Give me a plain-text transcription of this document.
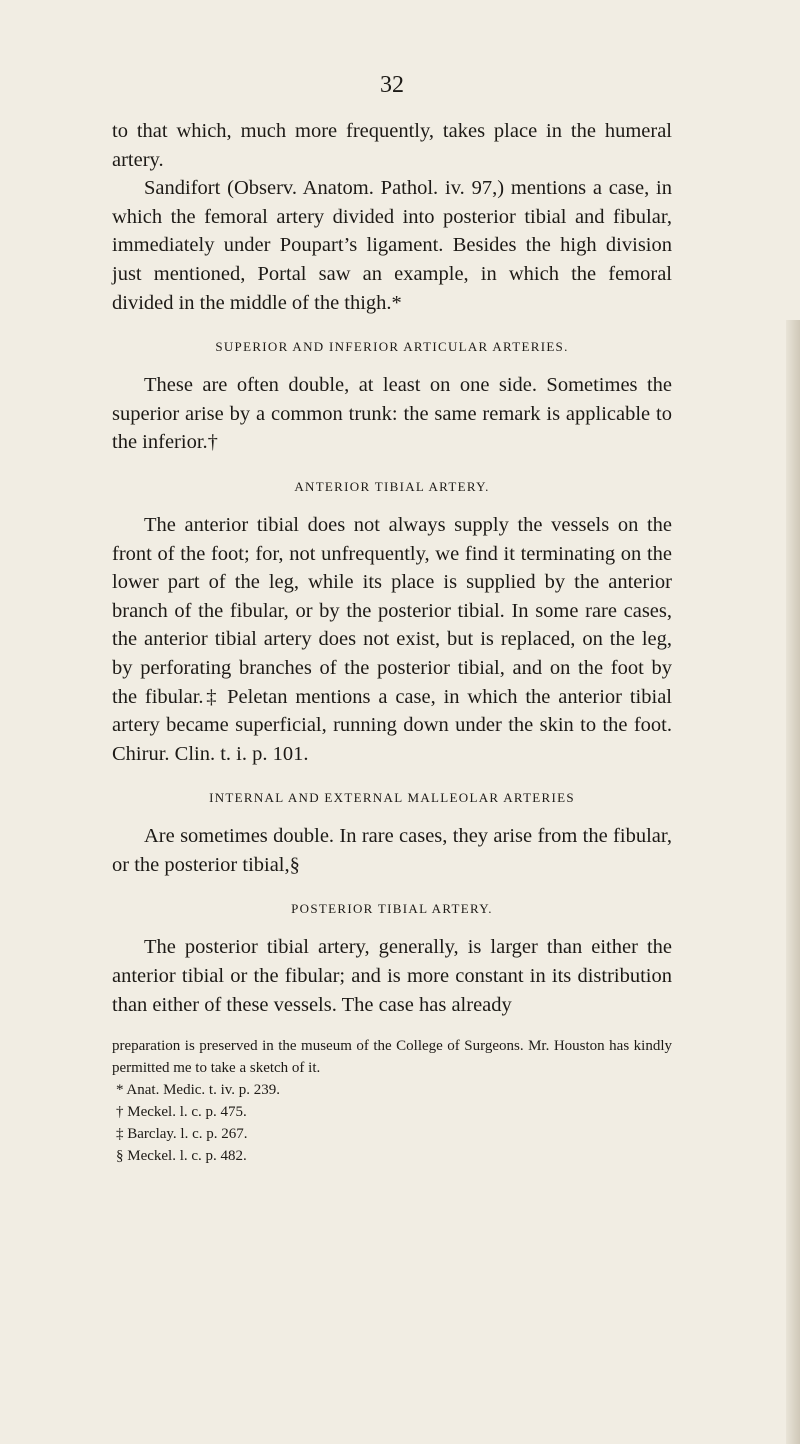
32

to that which, much more frequently, takes place in the humeral artery.

Sandifort (Observ. Anatom. Pathol. iv. 97,) mentions a case, in which the femoral artery divided into posterior tibial and fibular, immediately under Poupart’s ligament. Besides the high division just mentioned, Portal saw an example, in which the femoral divided in the middle of the thigh.*

SUPERIOR AND INFERIOR ARTICULAR ARTERIES.

These are often double, at least on one side. Sometimes the superior arise by a common trunk: the same remark is applicable to the inferior.†

ANTERIOR TIBIAL ARTERY.

The anterior tibial does not always supply the vessels on the front of the foot; for, not unfrequently, we find it terminating on the lower part of the leg, while its place is supplied by the anterior branch of the fibular, or by the posterior tibial. In some rare cases, the anterior tibial artery does not exist, but is replaced, on the leg, by perforating branches of the posterior tibial, and on the foot by the fibular.‡ Peletan mentions a case, in which the anterior tibial artery became superficial, running down under the skin to the foot. Chirur. Clin. t. i. p. 101.

INTERNAL AND EXTERNAL MALLEOLAR ARTERIES

Are sometimes double. In rare cases, they arise from the fibular, or the posterior tibial,§

POSTERIOR TIBIAL ARTERY.

The posterior tibial artery, generally, is larger than either the anterior tibial or the fibular; and is more constant in its distribution than either of these vessels. The case has already

preparation is preserved in the museum of the College of Surgeons. Mr. Houston has kindly permitted me to take a sketch of it.

* Anat. Medic. t. iv. p. 239.

† Meckel. l. c. p. 475.

‡ Barclay. l. c. p. 267.

§ Meckel. l. c. p. 482.
